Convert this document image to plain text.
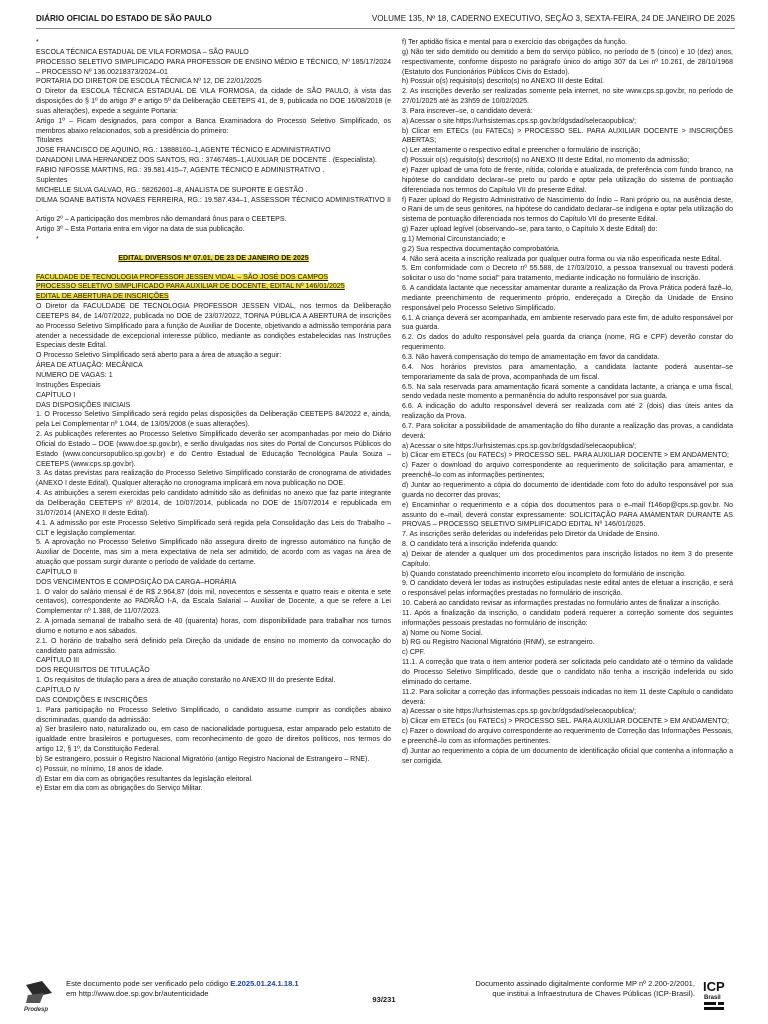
DIÁRIO OFICIAL DO ESTADO DE SÃO PAULO	VOLUME 135, Nº 18, CADERNO EXECUTIVO, SEÇÃO 3, SEXTA-FEIRA, 24 DE JANEIRO DE 2025

*

ESCOLA TÉCNICA ESTADUAL DE VILA FORMOSA – SÃO PAULO

PROCESSO SELETIVO SIMPLIFICADO PARA PROFESSOR DE ENSINO MÉDIO E TÉCNICO, Nº 185/17/2024 – PROCESSO Nº 136.00218373/2024–01

PORTARIA DO DIRETOR DE ESCOLA TÉCNICA Nº 12, DE 22/01/2025

O Diretor da ESCOLA TÉCNICA ESTADUAL DE VILA FORMOSA, da cidade de SÃO PAULO, à vista das disposições do § 1º do artigo 3º e artigo 5º da Deliberação CEETEPS 41, de 9, publicada no DOE 16/08/2018 (e suas alterações), expede a seguinte Portaria:

Artigo 1º – Ficam designados, para compor a Banca Examinadora do Processo Seletivo Simplificado, os membros abaixo relacionados, sob a presidência do primeiro:

Titulares

JOSE FRANCISCO DE AQUINO, RG.: 13888160–1,AGENTE TÉCNICO E ADMINISTRATIVO

DANADONI LIMA HERNANDEZ DOS SANTOS, RG.: 37467485–1,AUXILIAR DE DOCENTE . (Especialista).

FABIO NIFOSSE MARTINS, RG.: 39.581.415–7, AGENTE TÉCNICO E ADMINISTRATIVO .

Suplentes

MICHELLE SILVA GALVAO, RG.: 58262601–8, ANALISTA DE SUPORTE E GESTÃO .

DILMA SOANE BATISTA NOVAES FERREIRA, RG.: 19.587.434–1, ASSESSOR TÉCNICO ADMINISTRATIVO II .

Artigo 2º – A participação dos membros não demandará ônus para o CEETEPS.

Artigo 3º – Esta Portaria entra em vigor na data de sua publicação.

*

EDITAL DIVERSOS Nº 07.01, DE 23 DE JANEIRO DE 2025

FACULDADE DE TECNOLOGIA PROFESSOR JESSEN VIDAL – SÃO JOSÉ DOS CAMPOS

PROCESSO SELETIVO SIMPLIFICADO PARA AUXILIAR DE DOCENTE, EDITAL Nº 146/01/2025

EDITAL DE ABERTURA DE INSCRIÇÕES

O Diretor da FACULDADE DE TECNOLOGIA PROFESSOR JESSEN VIDAL, nos termos da Deliberação CEETEPS 84, de 14/07/2022, publicada no DOE de 23/07/2022, TORNA PÚBLICA A ABERTURA de inscrições ao Processo Seletivo Simplificado para a função de Auxiliar de Docente, objetivando a admissão temporária para atender a necessidade de excepcional interesse público, mediante as condições estabelecidas nas Instruções Especiais deste Edital.

O Processo Seletivo Simplificado será aberto para a área de atuação a seguir:

ÁREA DE ATUAÇÃO: MECÂNICA

NÚMERO DE VAGAS: 1

Instruções Especiais

CAPÍTULO I

DAS DISPOSIÇÕES INICIAIS

1. O Processo Seletivo Simplificado será regido pelas disposições da Deliberação CEETEPS 84/2022 e, ainda, pela Lei Complementar nº 1.044, de 13/05/2008 (e suas alterações).

2. As publicações referentes ao Processo Seletivo Simplificado deverão ser acompanhadas por meio do Diário Oficial do Estado – DOE (www.doe.sp.gov.br), e serão divulgadas nos sites do Portal de Concursos Públicos do Estado (www.concursopublico.sp.gov.br) e do Centro Estadual de Educação Tecnológica Paula Souza – CEETEPS (www.cps.sp.gov.br).

3. As datas previstas para realização do Processo Seletivo Simplificado constarão de cronograma de atividades (ANEXO I deste Edital). Qualquer alteração no cronograma implicará em nova publicação no DOE.

4. As atribuições a serem exercidas pelo candidato admitido são as definidas no anexo que faz parte integrante da Deliberação CEETEPS nº 8/2014, de 10/07/2014, publicada no DOE de 15/07/2014 e republicada em 31/07/2014 (ANEXO II deste Edital).

4.1. A admissão por este Processo Seletivo Simplificado será regida pela Consolidação das Leis do Trabalho – CLT e legislação complementar.

5. A aprovação no Processo Seletivo Simplificado não assegura direito de ingresso automático na função de Auxiliar de Docente, mas sim a mera expectativa de nela ser admitido, de acordo com as vagas na área de atuação que possam surgir durante o período de validade do certame.

CAPÍTULO II

DOS VENCIMENTOS E COMPOSIÇÃO DA CARGA–HORÁRIA

1. O valor do salário mensal é de R$ 2.964,87 (dois mil, novecentos e sessenta e quatro reais e oitenta e sete centavos), correspondente ao PADRÃO I-A, da Escala Salarial – Auxiliar de Docente, a que se refere a Lei Complementar nº 1.388, de 11/07/2023.

2. A jornada semanal de trabalho será de 40 (quarenta) horas, com disponibilidade para trabalhar nos turnos diurno e noturno e aos sábados.

2.1. O horário de trabalho será definido pela Direção da unidade de ensino no momento da convocação do candidato para admissão.

CAPÍTULO III

DOS REQUISITOS DE TITULAÇÃO

1. Os requisitos de titulação para a área de atuação constarão no ANEXO III do presente Edital.

CAPÍTULO IV

DAS CONDIÇÕES E INSCRIÇÕES

1. Para participação no Processo Seletivo Simplificado, o candidato assume cumprir as condições abaixo discriminadas, quando da admissão:

a) Ser brasileiro nato, naturalizado ou, em caso de nacionalidade portuguesa, estar amparado pelo estatuto de igualdade entre brasileiros e portugueses, com reconhecimento de gozo de direitos políticos, nos termos do artigo 12, § 1º, da Constituição Federal.

b) Se estrangeiro, possuir o Registro Nacional Migratório (antigo Registro Nacional de Estrangeiro – RNE).

c) Possuir, no mínimo, 18 anos de idade.

d) Estar em dia com as obrigações resultantes da legislação eleitoral.

e) Estar em dia com as obrigações do Serviço Militar.

f) Ter aptidão física e mental para o exercício das obrigações da função.

g) Não ter sido demitido ou demitido a bem do serviço público, no período de 5 (cinco) e 10 (dez) anos, respectivamente, conforme disposto no parágrafo único do artigo 307 da Lei nº 10.261, de 28/10/1968 (Estatuto dos Funcionários Públicos Civis do Estado).

h) Possuir o(s) requisito(s) descrito(s) no ANEXO III deste Edital.

2. As inscrições deverão ser realizadas somente pela internet, no site www.cps.sp.gov.br, no período de 27/01/2025 até às 23h59 de 10/02/2025.

3. Para inscrever–se, o candidato deverá:

a) Acessar o site https://urhsistemas.cps.sp.gov.br/dgsdad/selecaopublica/;

b) Clicar em ETECs (ou FATECs) > PROCESSO SEL. PARA AUXILIAR DOCENTE > INSCRIÇÕES ABERTAS;

c) Ler atentamente o respectivo edital e preencher o formulário de inscrição;

d) Possuir o(s) requisito(s) descrito(s) no ANEXO III deste Edital, no momento da admissão;

e) Fazer upload de uma foto de frente, nítida, colorida e atualizada, de preferência com fundo branco, na hipótese do candidato declarar–se preto ou pardo e optar pela utilização do sistema de pontuação diferenciada nos termos do Capítulo VII do presente Edital.

f) Fazer upload do Registro Administrativo de Nascimento do Índio – Rani próprio ou, na ausência deste, o Rani de um de seus genitores, na hipótese do candidato declarar–se indígena e optar pela utilização do sistema de pontuação diferenciada nos termos do Capítulo VII do presente Edital.

g) Fazer upload legível (observando–se, para tanto, o Capítulo X deste Edital) do:

g.1) Memorial Circunstanciado; e

g.2) Sua respectiva documentação comprobatória.

4. Não será aceita a inscrição realizada por qualquer outra forma ou via não especificada neste Edital.

5. Em conformidade com o Decreto nº 55.588, de 17/03/2010, a pessoa transexual ou travesti poderá solicitar o uso do "nome social" para tratamento, mediante indicação no formulário de inscrição.

6. A candidata lactante que necessitar amamentar durante a realização da Prova Prática poderá fazê–lo, mediante preenchimento de requerimento próprio, endereçado a Direção da Unidade de Ensino responsável pelo Processo Seletivo Simplificado.

6.1. A criança deverá ser acompanhada, em ambiente reservado para este fim, de adulto responsável por sua guarda.

6.2. Os dados do adulto responsável pela guarda da criança (nome, RG e CPF) deverão constar do requerimento.

6.3. Não haverá compensação do tempo de amamentação em favor da candidata.

6.4. Nos horários previstos para amamentação, a candidata lactante poderá ausentar–se temporariamente da sala de prova, acompanhada de um fiscal.

6.5. Na sala reservada para amamentação ficará somente a candidata lactante, a criança e uma fiscal, sendo vedada neste momento a permanência do adulto responsável por sua guarda.

6.6. A indicação do adulto responsável deverá ser realizada com até 2 (dois) dias úteis antes da realização da Prova.

6.7. Para solicitar a possibilidade de amamentação do filho durante a realização das provas, a candidata deverá:

a) Acessar o site https://urhsistemas.cps.sp.gov.br/dgsdad/selecaopublica/;

b) Clicar em ETECs (ou FATECs) > PROCESSO SEL. PARA AUXILIAR DOCENTE > EM ANDAMENTO;

c) Fazer o download do arquivo correspondente ao requerimento de solicitação para amamentar, e preenchê–lo com as informações pertinentes;

d) Juntar ao requerimento a cópia do documento de identidade com foto do adulto responsável por sua guarda no decorrer das provas;

e) Encaminhar o requerimento e a cópia dos documentos para o e–mail f146op@cps.sp.gov.br. No assunto do e–mail, deverá constar expressamente: SOLICITAÇÃO PARA AMAMENTAR DURANTE AS PROVAS – PROCESSO SELETIVO SIMPLIFICADO EDITAL Nº 146/01/2025.

7. As inscrições serão deferidas ou indeferidas pelo Diretor da Unidade de Ensino.

8. O candidato terá a inscrição indeferida quando:

a) Deixar de atender a qualquer um dos procedimentos para inscrição listados no item 3 do presente Capítulo.

b) Quando constatado preenchimento incorreto e/ou incompleto do formulário de inscrição.

9. O candidato deverá ler todas as instruções estipuladas neste edital antes de efetuar a inscrição, e será o responsável pelas informações prestadas no formulário de inscrição.

10. Caberá ao candidato revisar as informações prestadas no formulário antes de finalizar a inscrição.

11. Após a finalização da inscrição, o candidato poderá requerer a correção somente dos seguintes informações pessoais prestadas no formulário de inscrição:

a) Nome ou Nome Social.

b) RG ou Registro Nacional Migratório (RNM), se estrangeiro.

c) CPF.

11.1. A correção que trata o item anterior poderá ser solicitada pelo candidato até o término da validade do Processo Seletivo Simplificado, desde que o candidato não tenha a inscrição indeferida ou sido eliminado do certame.

11.2. Para solicitar a correção das informações pessoais indicadas no item 11 deste Capítulo o candidato deverá:

a) Acessar o site https://urhsistemas.cps.sp.gov.br/dgsdad/selecaopublica/;

b) Clicar em ETECs (ou FATECs) > PROCESSO SEL. PARA AUXILIAR DOCENTE > EM ANDAMENTO;

c) Fazer o download do arquivo correspondente ao requerimento de Correção das Informações Pessoais, e preenchê–lo com as informações pertinentes.

d) Juntar ao requerimento a cópia de um documento de identificação oficial que contenha a informação a ser corrigida.

Prodesp
Este documento pode ser verificado pelo código E.2025.01.24.1.18.1
em http://www.doe.sp.gov.br/autenticidade
93/231
Documento assinado digitalmente conforme MP nº 2.200-2/2001,
que institui a Infraestrutura de Chaves Públicas (ICP-Brasil). ICP
Brasil
